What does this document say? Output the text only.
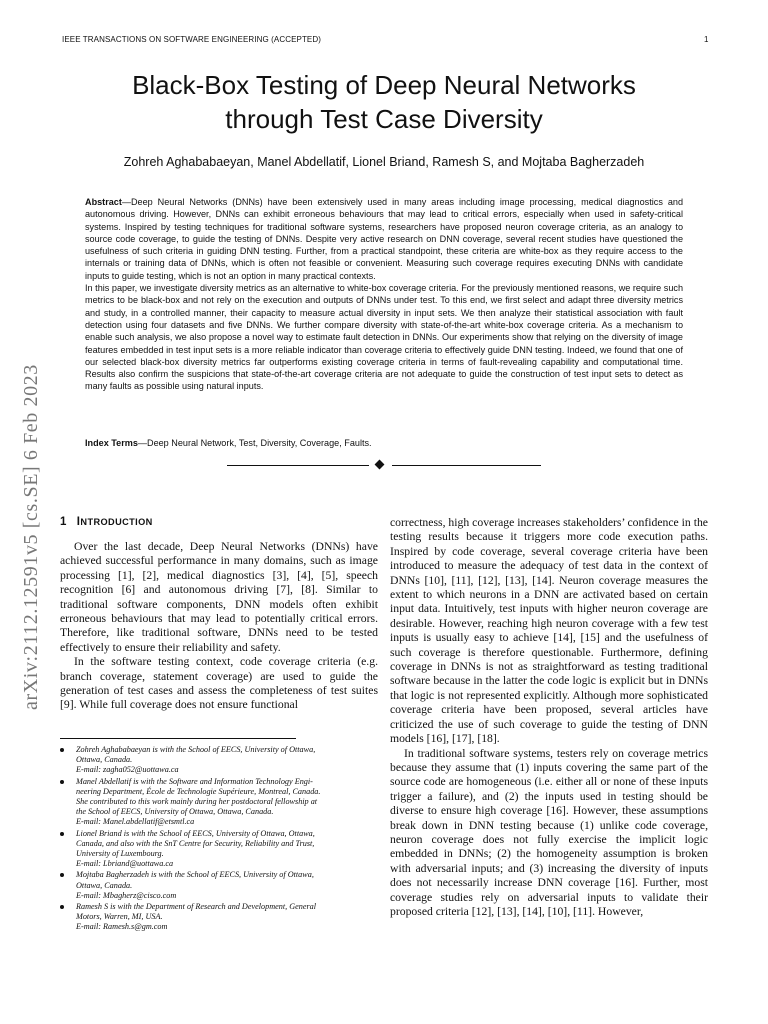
IEEE TRANSACTIONS ON SOFTWARE ENGINEERING (ACCEPTED)	1
Black-Box Testing of Deep Neural Networks
through Test Case Diversity
Zohreh Aghababaeyan, Manel Abdellatif, Lionel Briand, Ramesh S, and Mojtaba Bagherzadeh

Abstract—Deep Neural Networks (DNNs) have been extensively used in many areas including image processing, medical diagnostics and autonomous driving. However, DNNs can exhibit erroneous behaviours that may lead to critical errors, especially when used in safety-critical systems. Inspired by testing techniques for traditional software systems, researchers have proposed neuron coverage criteria, as an analogy to source code coverage, to guide the testing of DNNs. Despite very active research on DNN coverage, several recent studies have questioned the usefulness of such criteria in guiding DNN testing. Further, from a practical standpoint, these criteria are white-box as they require access to the internals or training data of DNNs, which is often not feasible or convenient. Measuring such coverage requires executing DNNs with candidate inputs to guide testing, which is not an option in many practical contexts.
In this paper, we investigate diversity metrics as an alternative to white-box coverage criteria. For the previously mentioned reasons, we require such metrics to be black-box and not rely on the execution and outputs of DNNs under test. To this end, we first select and adapt three diversity metrics and study, in a controlled manner, their capacity to measure actual diversity in input sets. We then analyze their statistical association with fault detection using four datasets and five DNNs. We further compare diversity with state-of-the-art white-box coverage criteria. As a mechanism to enable such analysis, we also propose a novel way to estimate fault detection in DNNs. Our experiments show that relying on the diversity of image features embedded in test input sets is a more reliable indicator than coverage criteria to effectively guide DNN testing. Indeed, we found that one of our selected black-box diversity metrics far outperforms existing coverage criteria in terms of fault-revealing capability and computational time. Results also confirm the suspicions that state-of-the-art coverage criteria are not adequate to guide the construction of test input sets to detect as many faults as possible using natural inputs.

Index Terms—Deep Neural Network, Test, Diversity, Coverage, Faults.
arXiv:2112.12591v5 [cs.SE] 6 Feb 2023 1 INTRODUCTION

Over the last decade, Deep Neural Networks (DNNs) have achieved successful performance in many domains, such as image processing [1], [2], medical diagnostics [3], [4], [5], speech recognition [6] and autonomous driving [7], [8]. Similar to traditional software components, DNN models often exhibit erroneous behaviours that may lead to potentially critical errors. Therefore, like traditional software, DNNs need to be tested effectively to ensure their reliability and safety.

In the software testing context, code coverage criteria (e.g. branch coverage, statement coverage) are used to guide the generation of test cases and assess the completeness of test suites [9]. While full coverage does not ensure functional

Zohreh Aghababaeyan is with the School of EECS, University of Ottawa,
Ottawa, Canada.
E-mail: zagha052@uottawa.ca
Manel Abdellatif is with the Software and Information Technology Engi-
neering Department, École de Technologie Supérieure, Montreal, Canada.
She contributed to this work mainly during her postdoctoral fellowship at
the School of EECS, University of Ottawa, Ottawa, Canada.
E-mail: Manel.abdellatif@etsmtl.ca
Lionel Briand is with the School of EECS, University of Ottawa, Ottawa,
Canada, and also with the SnT Centre for Security, Reliability and Trust,
University of Luxembourg.
E-mail: Lbriand@uottawa.ca
Mojtaba Bagherzadeh is with the School of EECS, University of Ottawa,
Ottawa, Canada.
E-mail: Mbagherz@cisco.com
Ramesh S is with the Department of Research and Development, General
Motors, Warren, MI, USA.
E-mail: Ramesh.s@gm.com

correctness, high coverage increases stakeholders’ confidence in the testing results because it triggers more code execution paths. Inspired by code coverage, several coverage criteria have been introduced to measure the adequacy of test data in the context of DNNs [10], [11], [12], [13], [14]. Neuron coverage measures the extent to which neurons in a DNN are activated based on certain input data. Intuitively, test inputs with higher neuron coverage are desirable. However, reaching high neuron coverage with a few test inputs is usually easy to achieve [14], [15] and the usefulness of such coverage is therefore questionable. Furthermore, defining coverage in DNNs is not as straightforward as testing traditional software because in the latter the code logic is explicit but in DNNs that logic is not represented explicitly. Although more sophisticated coverage criteria have been proposed, several articles have criticized the use of such coverage to guide the testing of DNN models [16], [17], [18].

In traditional software systems, testers rely on coverage metrics because they assume that (1) inputs covering the same part of the source code are homogeneous (i.e. either all or none of these inputs trigger a failure), and (2) the inputs used in testing should be diverse to ensure high coverage [16]. However, these assumptions break down in DNN testing because (1) unlike code coverage, neuron coverage does not fully exercise the implicit logic embedded in DNNs; (2) the homogeneity assumption is broken with adversarial inputs; and (3) increasing the diversity of inputs does not necessarily increase DNN coverage [16]. Further, most coverage studies rely on adversarial inputs to validate their proposed criteria [12], [13], [14], [10], [11]. However,
